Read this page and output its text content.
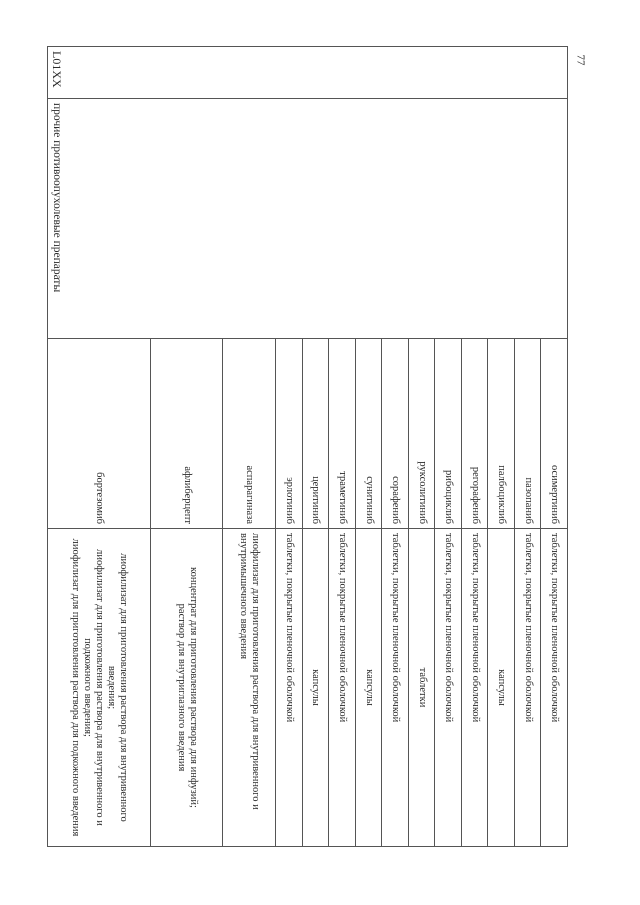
77
L01XX	прочие противоопухолевые препараты	осимертиниб	таблетки, покрытые пленочной оболочкой
		пазопаниб	таблетки, покрытые пленочной оболочкой
		палбоциклиб	капсулы
		регорафениб	таблетки, покрытые пленочной оболочкой
		рибоциклиб	таблетки, покрытые пленочной оболочкой
		руксолитиниб	таблетки
		сорафениб	таблетки, покрытые пленочной оболочкой
		сунитиниб	капсулы
		траметиниб	таблетки, покрытые пленочной оболочкой
		церитиниб	капсулы
		эрлотиниб	таблетки, покрытые пленочной оболочкой
		аспарагиназа	лиофилизат для приготовления раствора для внутривенного и внутримышечного введения
		афлиберцепт	концентрат для приготовления раствора для инфузий;
раствор для внутриглазного введения

		бортезомиб	лиофилизат для приготовления раствора для внутривенного введения;
лиофилизат для приготовления раствора для внутривенного и подкожного введения;
лиофилизат для приготовления раствора для подкожного введения
